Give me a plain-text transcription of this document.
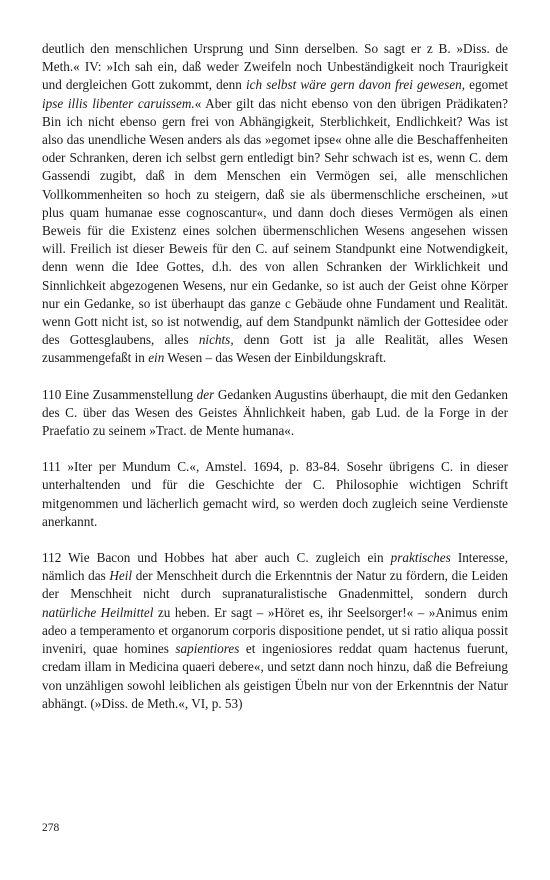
deutlich den menschlichen Ursprung und Sinn derselben. So sagt er z B. »Diss. de Meth.« IV: »Ich sah ein, daß weder Zweifeln noch Unbeständigkeit noch Traurigkeit und dergleichen Gott zukommt, denn ich selbst wäre gern davon frei gewesen, egomet ipse illis libenter caruissem.« Aber gilt das nicht ebenso von den übrigen Prädikaten? Bin ich nicht ebenso gern frei von Abhängigkeit, Sterblichkeit, Endlichkeit? Was ist also das unendliche Wesen anders als das »egomet ipse« ohne alle die Beschaffenheiten oder Schranken, deren ich selbst gern entledigt bin? Sehr schwach ist es, wenn C. dem Gassendi zugibt, daß in dem Menschen ein Vermögen sei, alle menschlichen Vollkommenheiten so hoch zu steigern, daß sie als übermenschliche erscheinen, »ut plus quam humanae esse cognoscantur«, und dann doch dieses Vermögen als einen Beweis für die Existenz eines solchen übermenschlichen Wesens angesehen wissen will. Freilich ist dieser Beweis für den C. auf seinem Standpunkt eine Notwendigkeit, denn wenn die Idee Gottes, d.h. des von allen Schranken der Wirklichkeit und Sinnlichkeit abgezogenen Wesens, nur ein Gedanke, so ist auch der Geist ohne Körper nur ein Gedanke, so ist überhaupt das ganze c Gebäude ohne Fundament und Realität. wenn Gott nicht ist, so ist notwendig, auf dem Standpunkt nämlich der Gottesidee oder des Gottesglaubens, alles nichts, denn Gott ist ja alle Realität, alles Wesen zusammengefaßt in ein Wesen – das Wesen der Einbildungskraft.

110 Eine Zusammenstellung der Gedanken Augustins überhaupt, die mit den Gedanken des C. über das Wesen des Geistes Ähnlichkeit haben, gab Lud. de la Forge in der Praefatio zu seinem »Tract. de Mente humana«.

111 »Iter per Mundum C.«, Amstel. 1694, p. 83-84. Sosehr übrigens C. in dieser unterhaltenden und für die Geschichte der C. Philosophie wichtigen Schrift mitgenommen und lächerlich gemacht wird, so werden doch zugleich seine Verdienste anerkannt.

112 Wie Bacon und Hobbes hat aber auch C. zugleich ein praktisches Interesse, nämlich das Heil der Menschheit durch die Erkenntnis der Natur zu fördern, die Leiden der Menschheit nicht durch supranaturalistische Gnadenmittel, sondern durch natürliche Heilmittel zu heben. Er sagt – »Höret es, ihr Seelsorger!« – »Animus enim adeo a temperamento et organorum corporis dispositione pendet, ut si ratio aliqua possit inveniri, quae homines sapientiores et ingeniosiores reddat quam hactenus fuerunt, credam illam in Medicina quaeri debere«, und setzt dann noch hinzu, daß die Befreiung von unzähligen sowohl leiblichen als geistigen Übeln nur von der Erkenntnis der Natur abhängt. (»Diss. de Meth.«, VI, p. 53)

278
